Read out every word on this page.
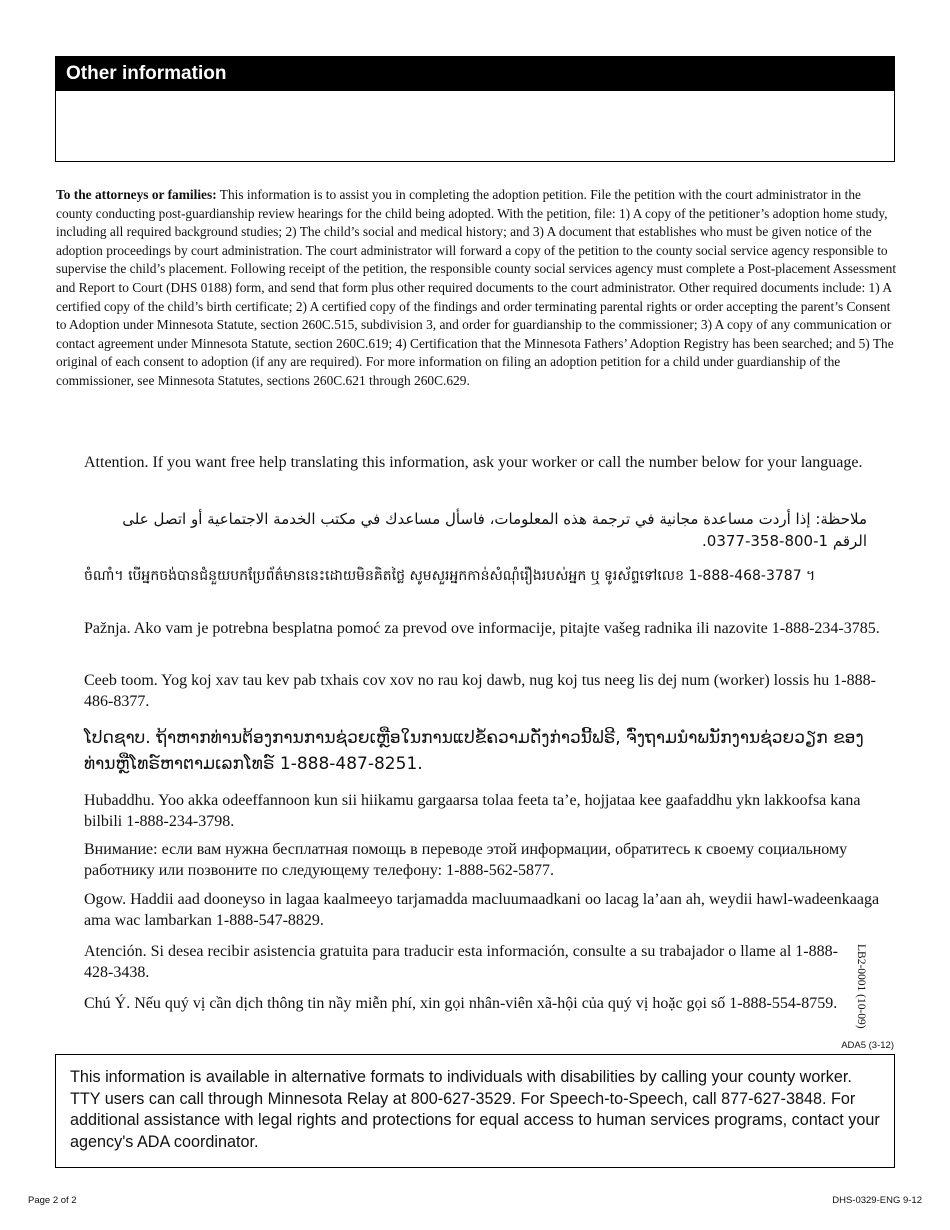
Other information
To the attorneys or families: This information is to assist you in completing the adoption petition. File the petition with the court administrator in the county conducting post-guardianship review hearings for the child being adopted. With the petition, file: 1) A copy of the petitioner’s adoption home study, including all required background studies; 2) The child’s social and medical history; and 3) A document that establishes who must be given notice of the adoption proceedings by court administration. The court administrator will forward a copy of the petition to the county social service agency responsible to supervise the child’s placement. Following receipt of the petition, the responsible county social services agency must complete a Post-placement Assessment and Report to Court (DHS 0188) form, and send that form plus other required documents to the court administrator. Other required documents include: 1) A certified copy of the child’s birth certificate; 2) A certified copy of the findings and order terminating parental rights or order accepting the parent’s Consent to Adoption under Minnesota Statute, section 260C.515, subdivision 3, and order for guardianship to the commissioner; 3) A copy of any communication or contact agreement under Minnesota Statute, section 260C.619; 4) Certification that the Minnesota Fathers’ Adoption Registry has been searched; and 5) The original of each consent to adoption (if any are required). For more information on filing an adoption petition for a child under guardianship of the commissioner, see Minnesota Statutes, sections 260C.621 through 260C.629.
Attention. If you want free help translating this information, ask your worker or call the number below for your language.
ملاحظة: إذا أردت مساعدة مجانية في ترجمة هذه المعلومات، فاسأل مساعدك في مكتب الخدمة الاجتماعية أو اتصل على الرقم 1-800-358-0377.
ចំណាំ។ បើអ្នកចង់បានជំនួយបកប្រែព័ត៌មាននេះដោយមិនគិតថ្លៃ សូមសួរអ្នកកាន់សំណុំរឿងរបស់អ្នក ឬ ទូរស័ព្ទទៅលេខ 1-888-468-3787 ។
Pažnja. Ako vam je potrebna besplatna pomoć za prevod ove informacije, pitajte vašeg radnika ili nazovite 1-888-234-3785.
Ceeb toom. Yog koj xav tau kev pab txhais cov xov no rau koj dawb, nug koj tus neeg lis dej num (worker) lossis hu 1-888-486-8377.
ໂປດຊາບ. ຖ້າຫາກທ່ານຕ້ອງການການຊ່ວຍເຫຼືອໃນການແປຂໍ້ຄວາມດັ່ງກ່າວນີ້ຟຣີ, ຈົ່ງຖາມນຳພນັກງານຊ່ວຍວຽກ ຂອງທ່ານຫຼືໂທຣ໌ຫາຕາມເລກໂທຣ໌ 1-888-487-8251.
Hubaddhu. Yoo akka odeeffannoon kun sii hiikamu gargaarsa tolaa feeta ta’e, hojjataa kee gaafaddhu ykn lakkoofsa kana bilbili 1-888-234-3798.
Внимание: если вам нужна бесплатная помощь в переводе этой информации, обратитесь к своему социальному работнику или позвоните по следующему телефону: 1-888-562-5877.
Ogow. Haddii aad dooneyso in lagaa kaalmeeyo tarjamadda macluumaadkani oo lacag la’aan ah, weydii hawl-wadeenkaaga ama wac lambarkan 1-888-547-8829.
Atención. Si desea recibir asistencia gratuita para traducir esta información, consulte a su trabajador o llame al 1-888-428-3438.
Chú Ý. Nếu quý vị cần dịch thông tin nầy miễn phí, xin gọi nhân-viên xã-hội của quý vị hoặc gọi số 1-888-554-8759.	LB2-0001 (10-09)
ADA5 (3-12)
This information is available in alternative formats to individuals with disabilities by calling your county worker. TTY users can call through Minnesota Relay at 800-627-3529. For Speech-to-Speech, call 877-627-3848. For additional assistance with legal rights and protections for equal access to human services programs, contact your agency's ADA coordinator.
Page 2 of 2	DHS-0329-ENG 9-12
